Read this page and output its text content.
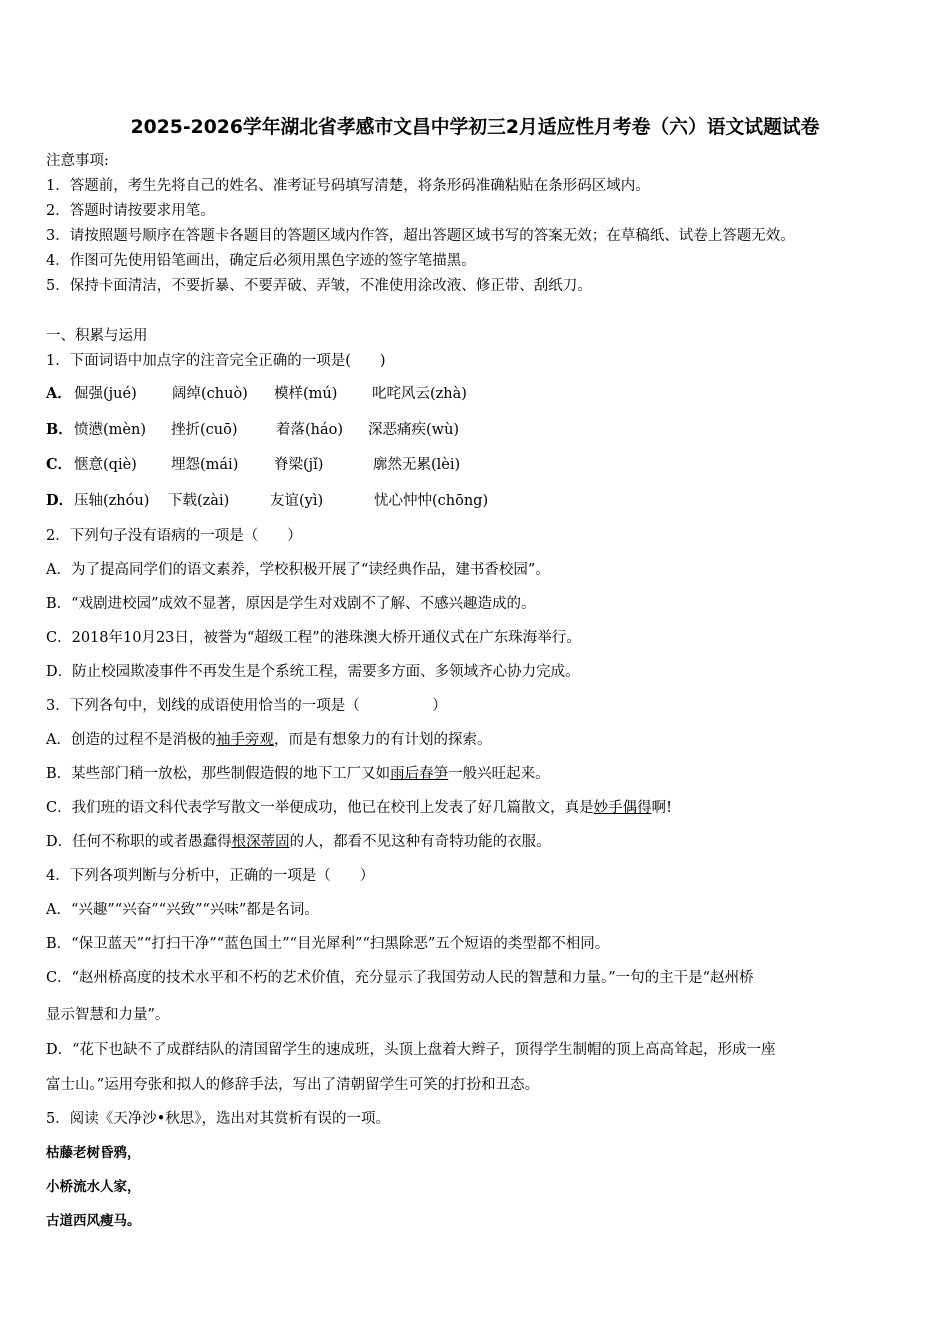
2025-2026学年湖北省孝感市文昌中学初三2月适应性月考卷（六）语文试题试卷
注意事项:
1．答题前，考生先将自己的姓名、准考证号码填写清楚，将条形码准确粘贴在条形码区域内。
2．答题时请按要求用笔。
3．请按照题号顺序在答题卡各题目的答题区域内作答，超出答题区域书写的答案无效；在草稿纸、试卷上答题无效。
4．作图可先使用铅笔画出，确定后必须用黑色字迹的签字笔描黑。
5．保持卡面清洁，不要折暴、不要弄破、弄皱，不准使用涂改液、修正带、刮纸刀。
一、积累与运用
1．下面词语中加点字的注音完全正确的一项是(　　)
A． 倔强(jué) 阔绰(chuò) 模样(mú) 叱咤风云(zhà)
B． 愤懑(mèn) 挫折(cuō)	着落(háo) 深恶痛疾(wù)
C． 惬意(qiè) 埋怨(mái) 脊梁(jǐ)	廓然无累(lèi)
D． 压轴(zhóu) 下载(zài)	友谊(yì)	忧心忡忡(chōng)
2．下列句子没有语病的一项是（　　）
A．为了提高同学们的语文素养，学校积极开展了“读经典作品，建书香校园”。
B．“戏剧进校园”成效不显著，原因是学生对戏剧不了解、不感兴趣造成的。
C．2018年10月23日，被誉为“超级工程”的港珠澳大桥开通仪式在广东珠海举行。
D．防止校园欺凌事件不再发生是个系统工程，需要多方面、多领域齐心协力完成。
3．下列各句中，划线的成语使用恰当的一项是（　　　　　）
A．创造的过程不是消极的袖手旁观，而是有想象力的有计划的探索。
B．某些部门稍一放松，那些制假造假的地下工厂又如雨后春笋一般兴旺起来。
C．我们班的语文科代表学写散文一举便成功，他已在校刊上发表了好几篇散文，真是妙手偶得啊!
D．任何不称职的或者愚蠢得根深蒂固的人，都看不见这种有奇特功能的衣服。
4．下列各项判断与分析中，正确的一项是（　　）
A．“兴趣”“兴奋”“兴致”“兴味”都是名词。
B．“保卫蓝天”“打扫干净”“蓝色国土”“目光犀利”“扫黑除恶”五个短语的类型都不相同。
C．“赵州桥高度的技术水平和不朽的艺术价值，充分显示了我国劳动人民的智慧和力量。”一句的主干是“赵州桥
显示智慧和力量”。
D．“花下也缺不了成群结队的清国留学生的速成班，头顶上盘着大辫子，顶得学生制帽的顶上高高耸起，形成一座
富士山。”运用夸张和拟人的修辞手法，写出了清朝留学生可笑的打扮和丑态。
5．阅读《天净沙•秋思》，选出对其赏析有误的一项。
枯藤老树昏鸦，
小桥流水人家，
古道西风瘦马。
